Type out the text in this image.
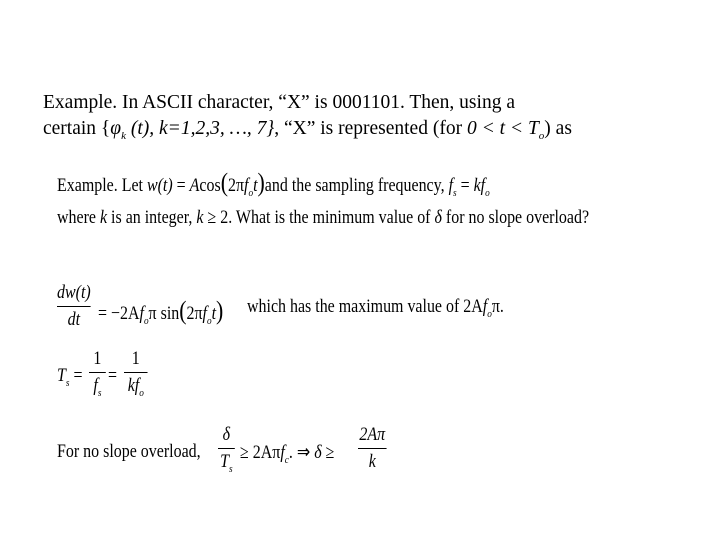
Example. In ASCII character, “X” is 0001101. Then, using a
certain {$\varphi_k$ (t), k=1,2,3, …, 7}, “X” is represented (for $0 < t < T_o$) as
Example. Let $w(t) = Acos(2\pi f_ot)and$ the sampling frequency, $f_s = kf_o$
where k is an integer, k ≥ 2. What is the minimum value of δ for no slope overload?
dw(t)
dt = $-2Af_o\pi$ $\sin(2\pi f_ot)$ which has the maximum value of $2Af_o\pi$.
$T_s$ =
1
$f_s$
=
1
$kf_o$
For no slope overload,
δ
$T_s$
≥ 2Aπf$_c$. ⇒ δ ≥
2Aπ
k
